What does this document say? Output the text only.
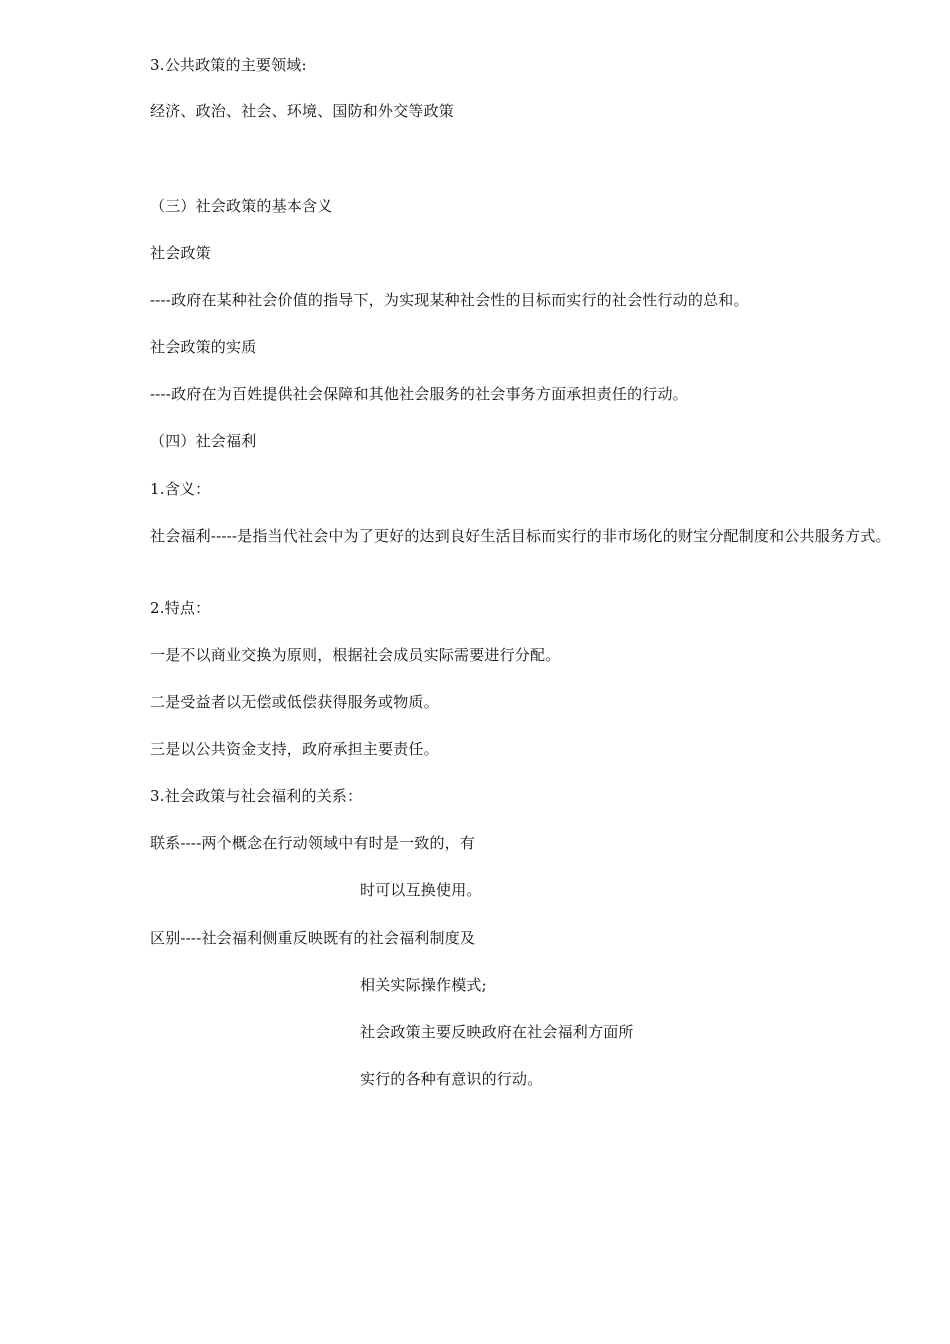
3.公共政策的主要领域:
经济、政治、社会、环境、国防和外交等政策
（三）社会政策的基本含义
社会政策
----政府在某种社会价值的指导下，为实现某种社会性的目标而实行的社会性行动的总和。
社会政策的实质
----政府在为百姓提供社会保障和其他社会服务的社会事务方面承担责任的行动。
（四）社会福利
1.含义：
社会福利-----是指当代社会中为了更好的达到良好生活目标而实行的非市场化的财宝分配制度和公共服务方式。
2.特点：
一是不以商业交换为原则，根据社会成员实际需要进行分配。
二是受益者以无偿或低偿获得服务或物质。
三是以公共资金支持，政府承担主要责任。
3.社会政策与社会福利的关系：
联系----两个概念在行动领域中有时是一致的，有
时可以互换使用。
区别----社会福利侧重反映既有的社会福利制度及
相关实际操作模式;
社会政策主要反映政府在社会福利方面所
实行的各种有意识的行动。
